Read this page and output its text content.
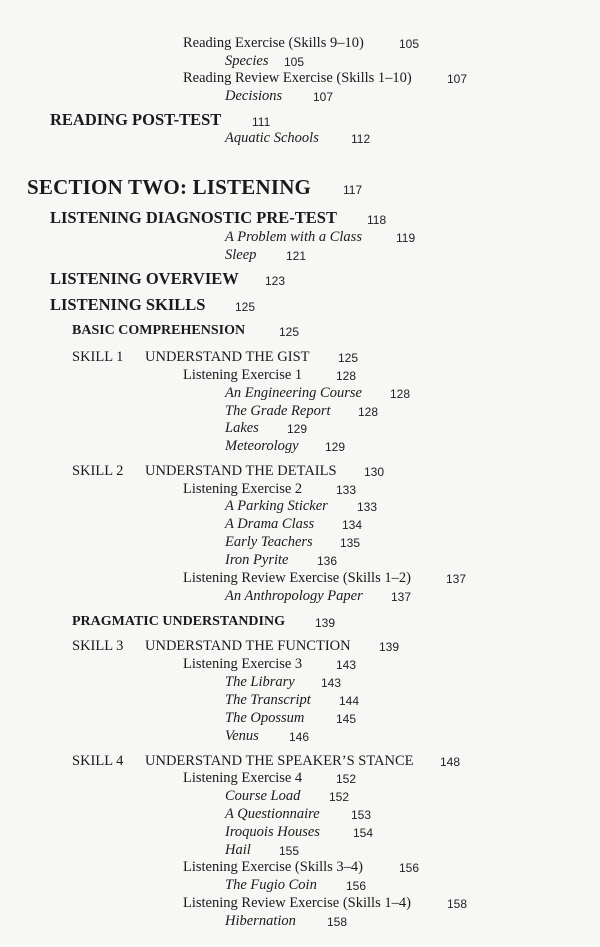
Reading Exercise (Skills 9–10)	105
Species 105
Reading Review Exercise (Skills 1–10)	107
Decisions	107
READING POST-TEST	111
Aquatic Schools	112
SECTION TWO: LISTENING	117
LISTENING DIAGNOSTIC PRE-TEST	118
A Problem with a Class	119
Sleep 121
LISTENING OVERVIEW 123
LISTENING SKILLS 125
BASIC COMPREHENSION	125
SKILL 1 UNDERSTAND THE GIST 125
Listening Exercise 1	128
An Engineering Course 128
The Grade Report 128
Lakes 129
Meteorology 129
SKILL 2 UNDERSTAND THE DETAILS 130
Listening Exercise 2	133
A Parking Sticker 133
A Drama Class 134
Early Teachers 135
Iron Pyrite 136
Listening Review Exercise (Skills 1–2)	137
An Anthropology Paper 137
PRAGMATIC UNDERSTANDING	139
SKILL 3 UNDERSTAND THE FUNCTION 139
Listening Exercise 3	143
The Library 143
The Transcript 144
The Opossum	145
Venus	146
SKILL 4 UNDERSTAND THE SPEAKER’S STANCE 148
Listening Exercise 4	152
Course Load 152
A Questionnaire	153
Iroquois Houses	154
Hail 155
Listening Exercise (Skills 3–4)	156
The Fugio Coin 156
Listening Review Exercise (Skills 1–4)	158
Hibernation	158
